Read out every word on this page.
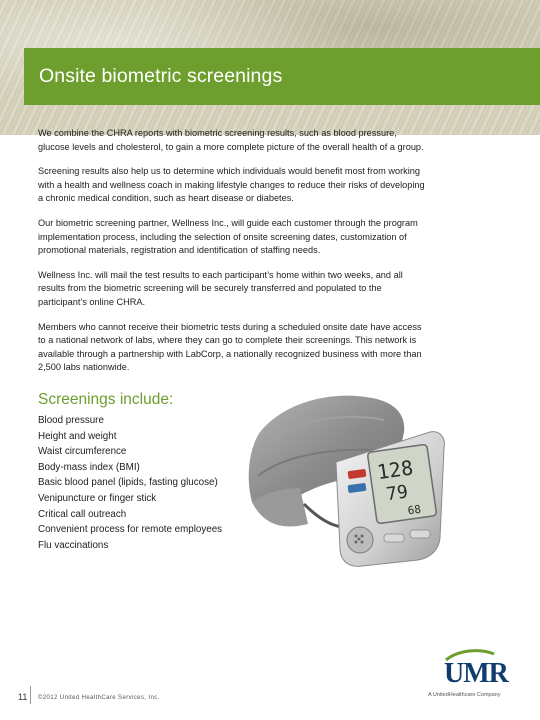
Onsite biometric screenings

We combine the CHRA reports with biometric screening results, such as blood pressure, glucose levels and cholesterol, to gain a more complete picture of the overall health of a group.

Screening results also help us to determine which individuals would benefit most from working with a health and wellness coach in making lifestyle changes to reduce their risks of developing a chronic medical condition, such as heart disease or diabetes.

Our biometric screening partner, Wellness Inc., will guide each customer through the program implementation process, including the selection of onsite screening dates, customization of promotional materials, registration and identification of staffing needs.

Wellness Inc. will mail the test results to each participant’s home within two weeks, and all results from the biometric screening will be securely transferred and populated to the participant’s online CHRA.

Members who cannot receive their biometric tests during a scheduled onsite date have access to a national network of labs, where they can go to complete their screenings. This network is available through a partnership with LabCorp, a nationally recognized business with more than 2,500 labs nationwide.

Screenings include:
Blood pressure
Height and weight
Waist circumference
Body-mass index (BMI)
Basic blood panel (lipids, fasting glucose)
Venipuncture or finger stick
Critical call outreach
Convenient process for remote employees
Flu vaccinations
128
79
68
11 ©2012 United HealthCare Services, Inc.
UMR
A UnitedHealthcare Company
